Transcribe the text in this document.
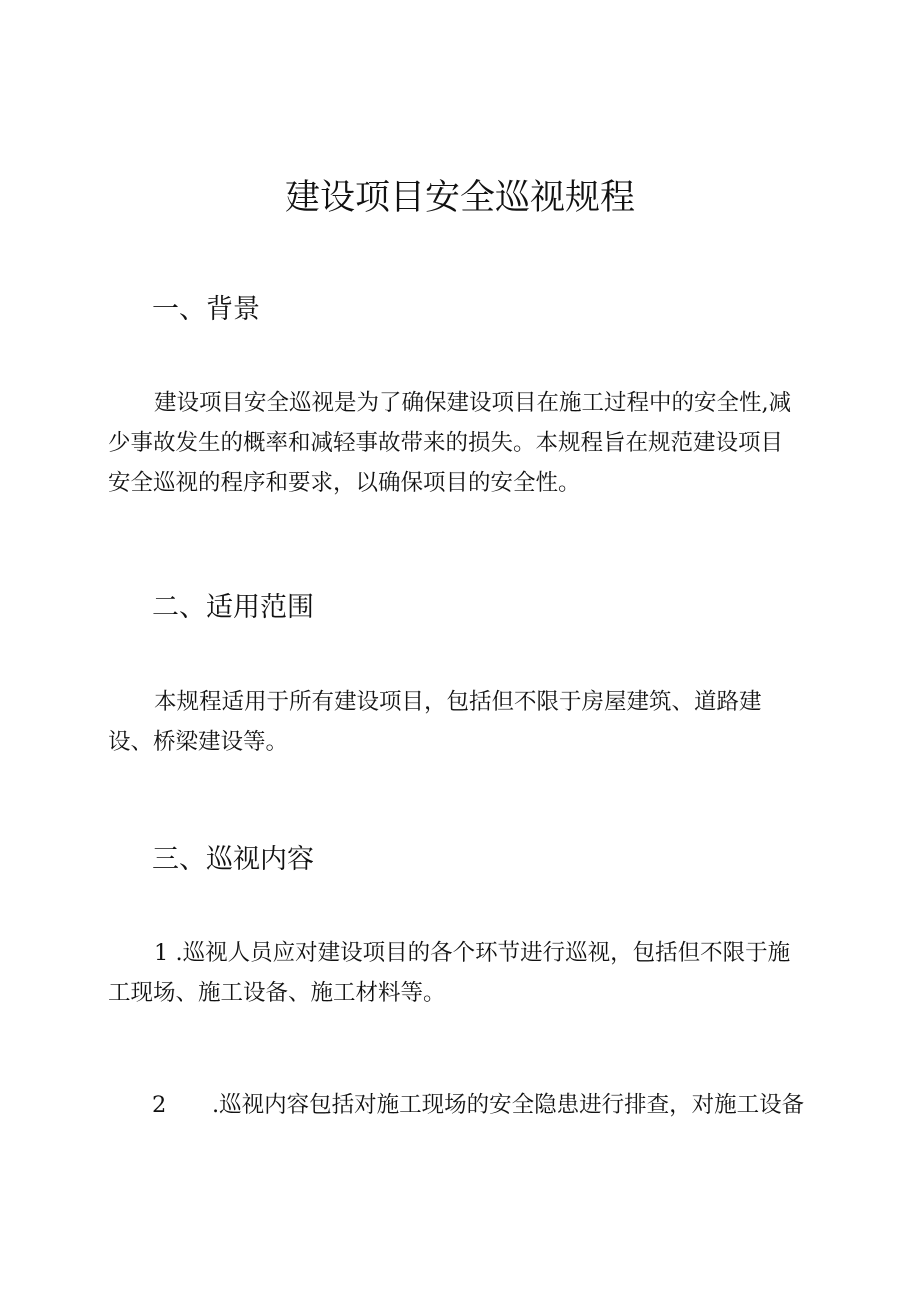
建设项目安全巡视规程
一、背景
建设项目安全巡视是为了确保建设项目在施工过程中的安全性,减
少事故发生的概率和减轻事故带来的损失。本规程旨在规范建设项目
安全巡视的程序和要求，以确保项目的安全性。
二、适用范围
本规程适用于所有建设项目，包括但不限于房屋建筑、道路建
设、桥梁建设等。
三、巡视内容
1 .巡视人员应对建设项目的各个环节进行巡视，包括但不限于施
工现场、施工设备、施工材料等。
2 .巡视内容包括对施工现场的安全隐患进行排查，对施工设备
